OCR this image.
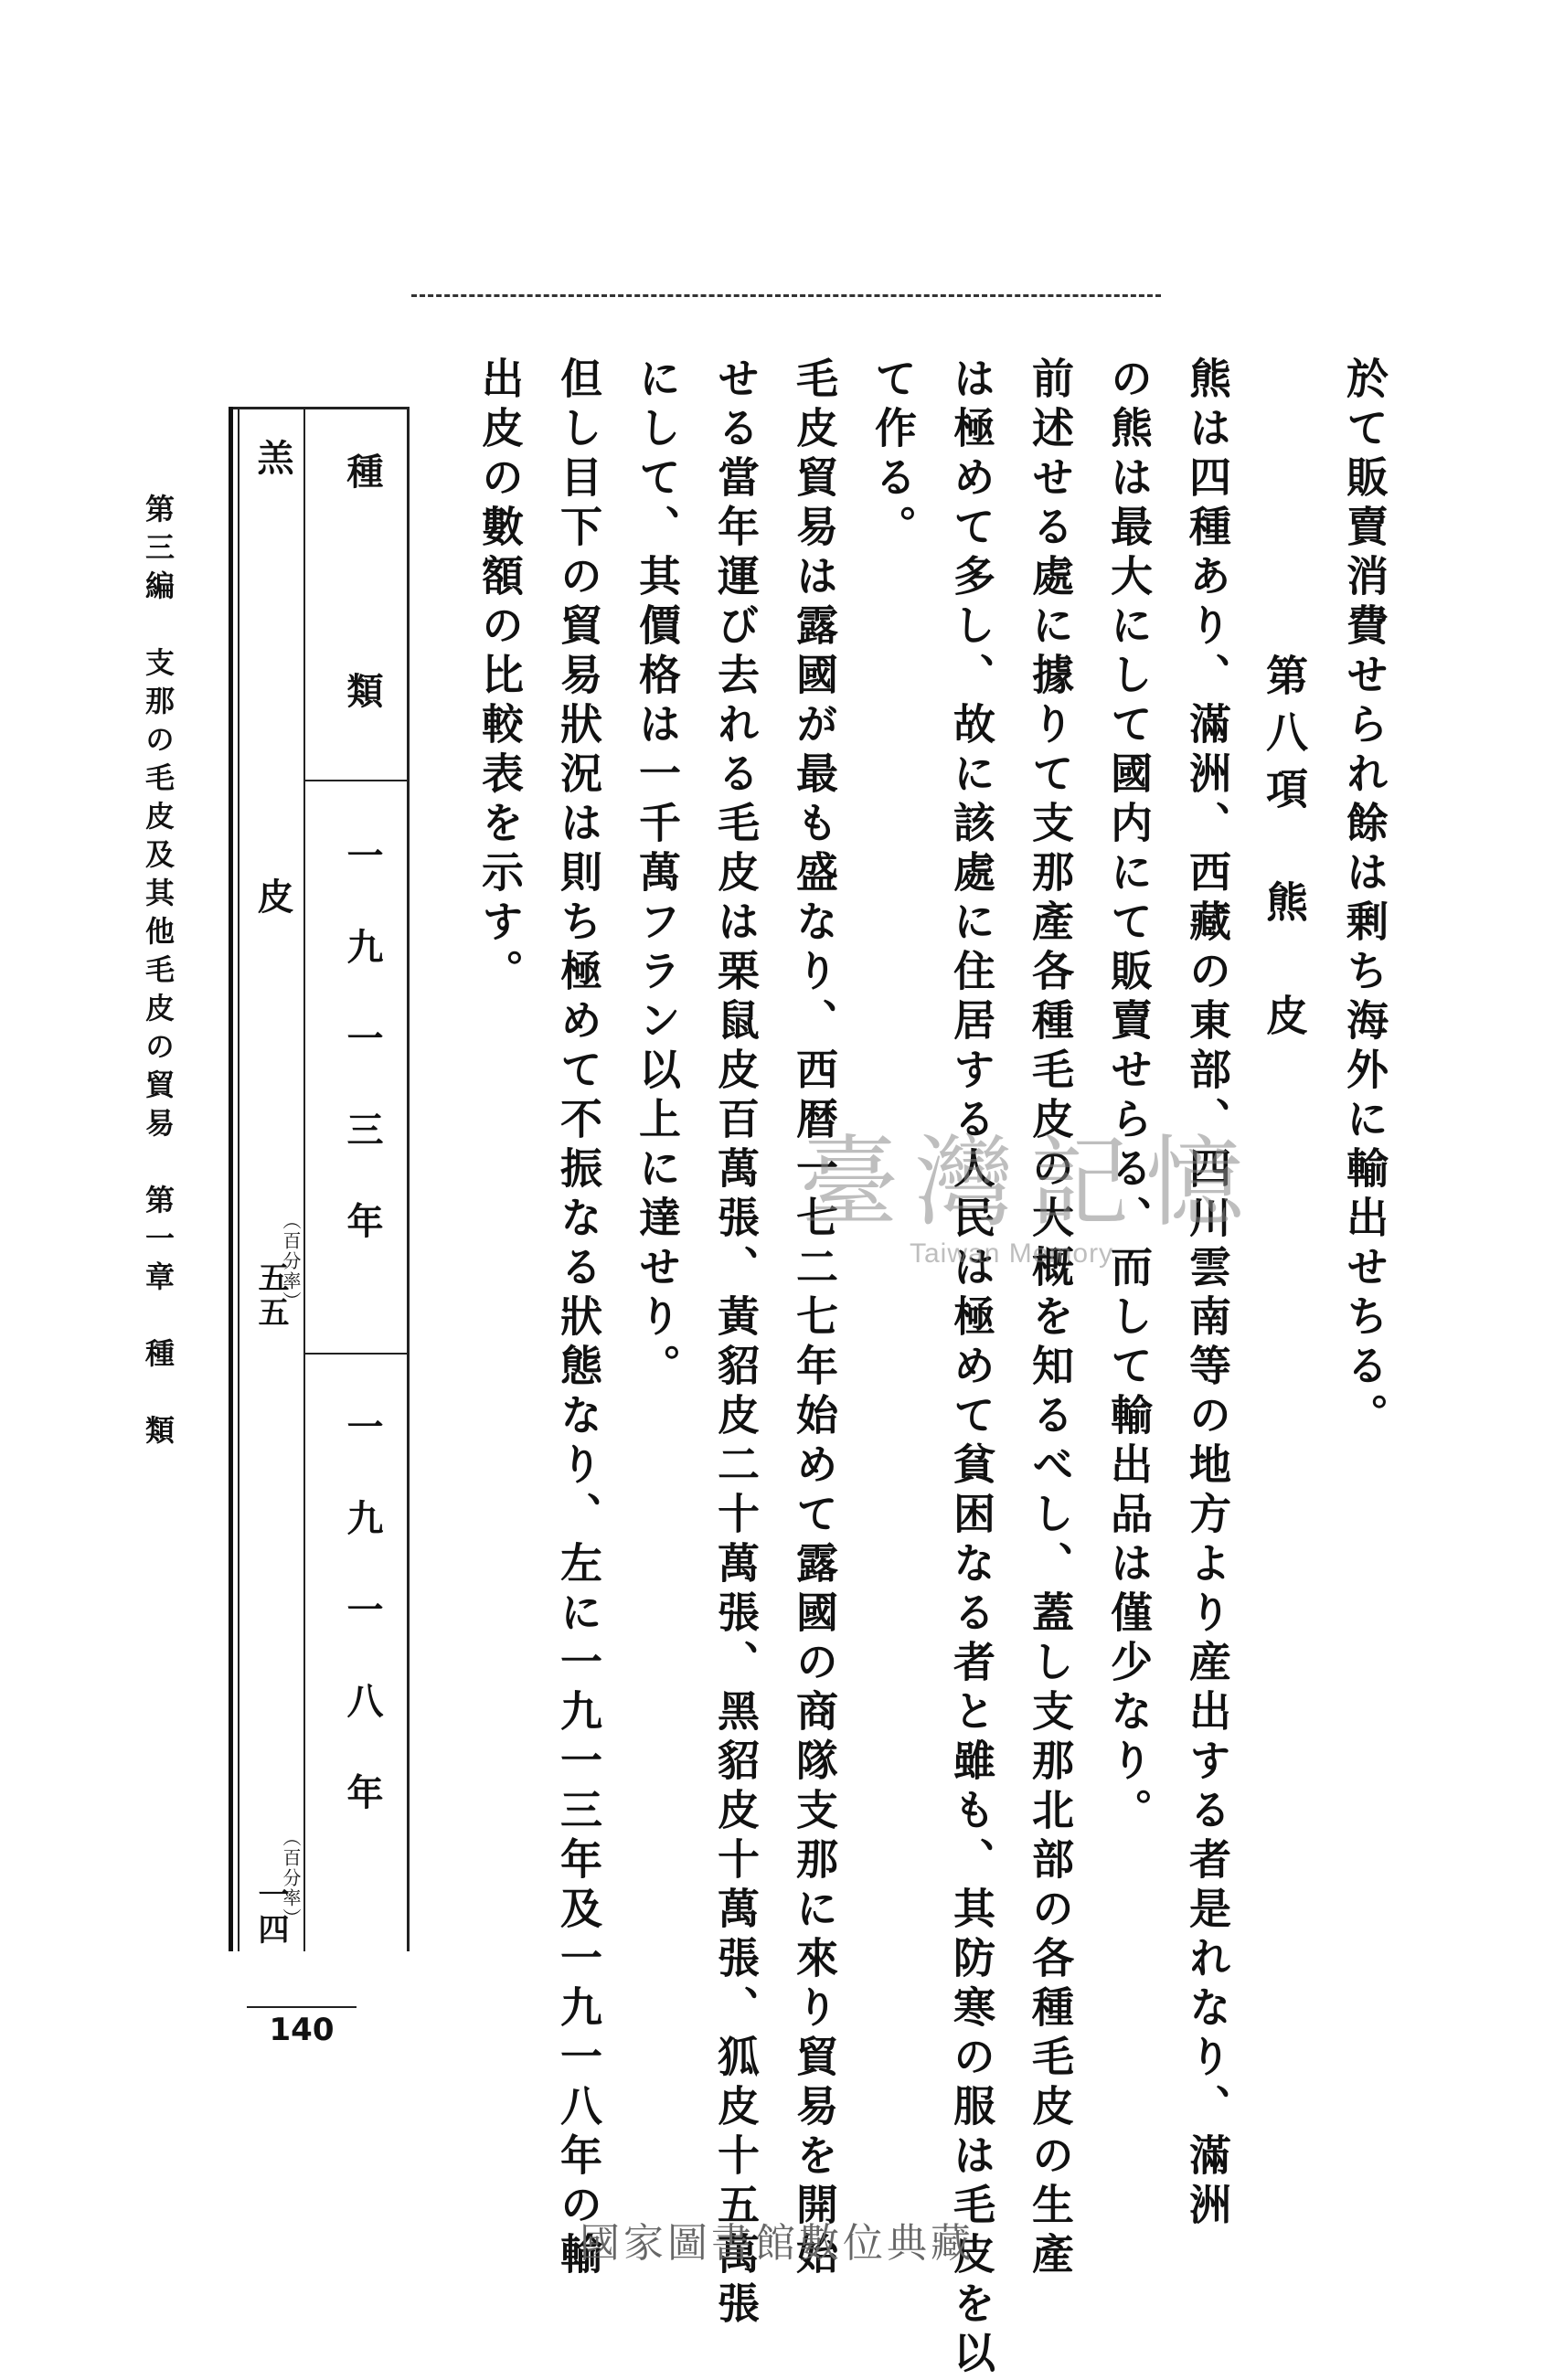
於て販賣消費せられ餘は剰ち海外に輸出せちる。
熊は四種あり、滿洲、西藏の東部、四川雲南等の地方より産出する者是れなり、滿洲
の熊は最大にして國内にて販賣せらる、而して輸出品は僅少なり。
前述せる處に據りて支那產各種毛皮の大概を知るべし、蓋し支那北部の各種毛皮の生產
は極めて多し、故に該處に住居する人民は極めて貧困なる者と雖も、其防寒の服は毛皮を以
て作る。
毛皮貿易は露國が最も盛なり、西暦一七二七年始めて露國の商隊支那に來り貿易を開始
せる當年運び去れる毛皮は栗鼠皮百萬張、黃貂皮二十萬張、黑貂皮十萬張、狐皮十五萬張
にして、其價格は一千萬フラン以上に達せり。
但し目下の貿易狀況は則ち極めて不振なる狀態なり、左に一九一三年及一九一八年の輸
出皮の數額の比較表を示す。	第八項　熊　皮
臺灣記憶
Taiwan Memory
種　類
一九一三年
一九一八年
羔　皮
（百分率）
五五
（百分率）
一四
第三編　支那の毛皮及其他毛皮の貿易　第一章　種　類
140
國家圖書館數位典藏
